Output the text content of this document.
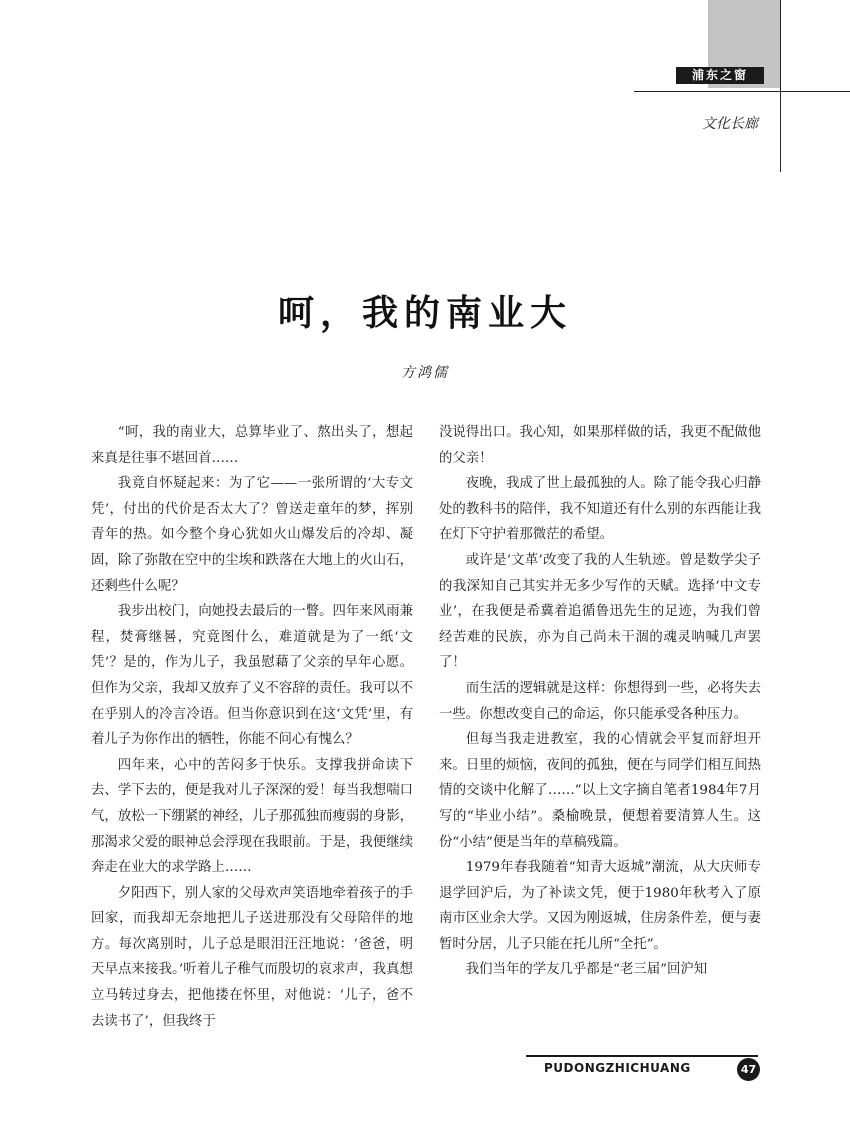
浦东之窗
文化长廊
呵，我的南业大
方鸿儒

“呵，我的南业大，总算毕业了、熬出头了，想起来真是往事不堪回首……

我竟自怀疑起来：为了它——一张所谓的‘大专文凭’，付出的代价是否太大了？曾送走童年的梦，挥别青年的热。如今整个身心犹如火山爆发后的冷却、凝固，除了弥散在空中的尘埃和跌落在大地上的火山石，还剩些什么呢？

我步出校门，向她投去最后的一瞥。四年来风雨兼程，焚膏继晷，究竟图什么，难道就是为了一纸‘文凭’？是的，作为儿子，我虽慰藉了父亲的早年心愿。但作为父亲，我却又放弃了义不容辞的责任。我可以不在乎别人的冷言冷语。但当你意识到在这‘文凭’里，有着儿子为你作出的牺牲，你能不问心有愧么？

四年来，心中的苦闷多于快乐。支撑我拼命读下去、学下去的，便是我对儿子深深的爱！每当我想喘口气，放松一下绷紧的神经，儿子那孤独而瘦弱的身影，那渴求父爱的眼神总会浮现在我眼前。于是，我便继续奔走在业大的求学路上……

夕阳西下，别人家的父母欢声笑语地牵着孩子的手回家，而我却无奈地把儿子送进那没有父母陪伴的地方。每次离别时，儿子总是眼泪汪汪地说：‘爸爸，明天早点来接我。’听着儿子稚气而殷切的哀求声，我真想立马转过身去，把他搂在怀里，对他说：‘儿子，爸不去读书了’，但我终于

没说得出口。我心知，如果那样做的话，我更不配做他的父亲！

夜晚，我成了世上最孤独的人。除了能令我心归静处的教科书的陪伴，我不知道还有什么别的东西能让我在灯下守护着那微茫的希望。

或许是‘文革’改变了我的人生轨迹。曾是数学尖子的我深知自己其实并无多少写作的天赋。选择‘中文专业’，在我便是希冀着追循鲁迅先生的足迹，为我们曾经苦难的民族，亦为自己尚未干涸的魂灵呐喊几声罢了！

而生活的逻辑就是这样：你想得到一些，必将失去一些。你想改变自己的命运，你只能承受各种压力。

但每当我走进教室，我的心情就会平复而舒坦开来。日里的烦恼，夜间的孤独，便在与同学们相互间热情的交谈中化解了……”以上文字摘自笔者1984年7月写的“毕业小结”。桑榆晚景，便想着要清算人生。这份“小结”便是当年的草稿残篇。

1979年春我随着“知青大返城”潮流，从大庆师专退学回沪后，为了补读文凭，便于1980年秋考入了原南市区业余大学。又因为刚返城，住房条件差，便与妻暂时分居，儿子只能在托儿所“全托”。

我们当年的学友几乎都是“老三届”回沪知

PUDONGZHICHUANG	47
